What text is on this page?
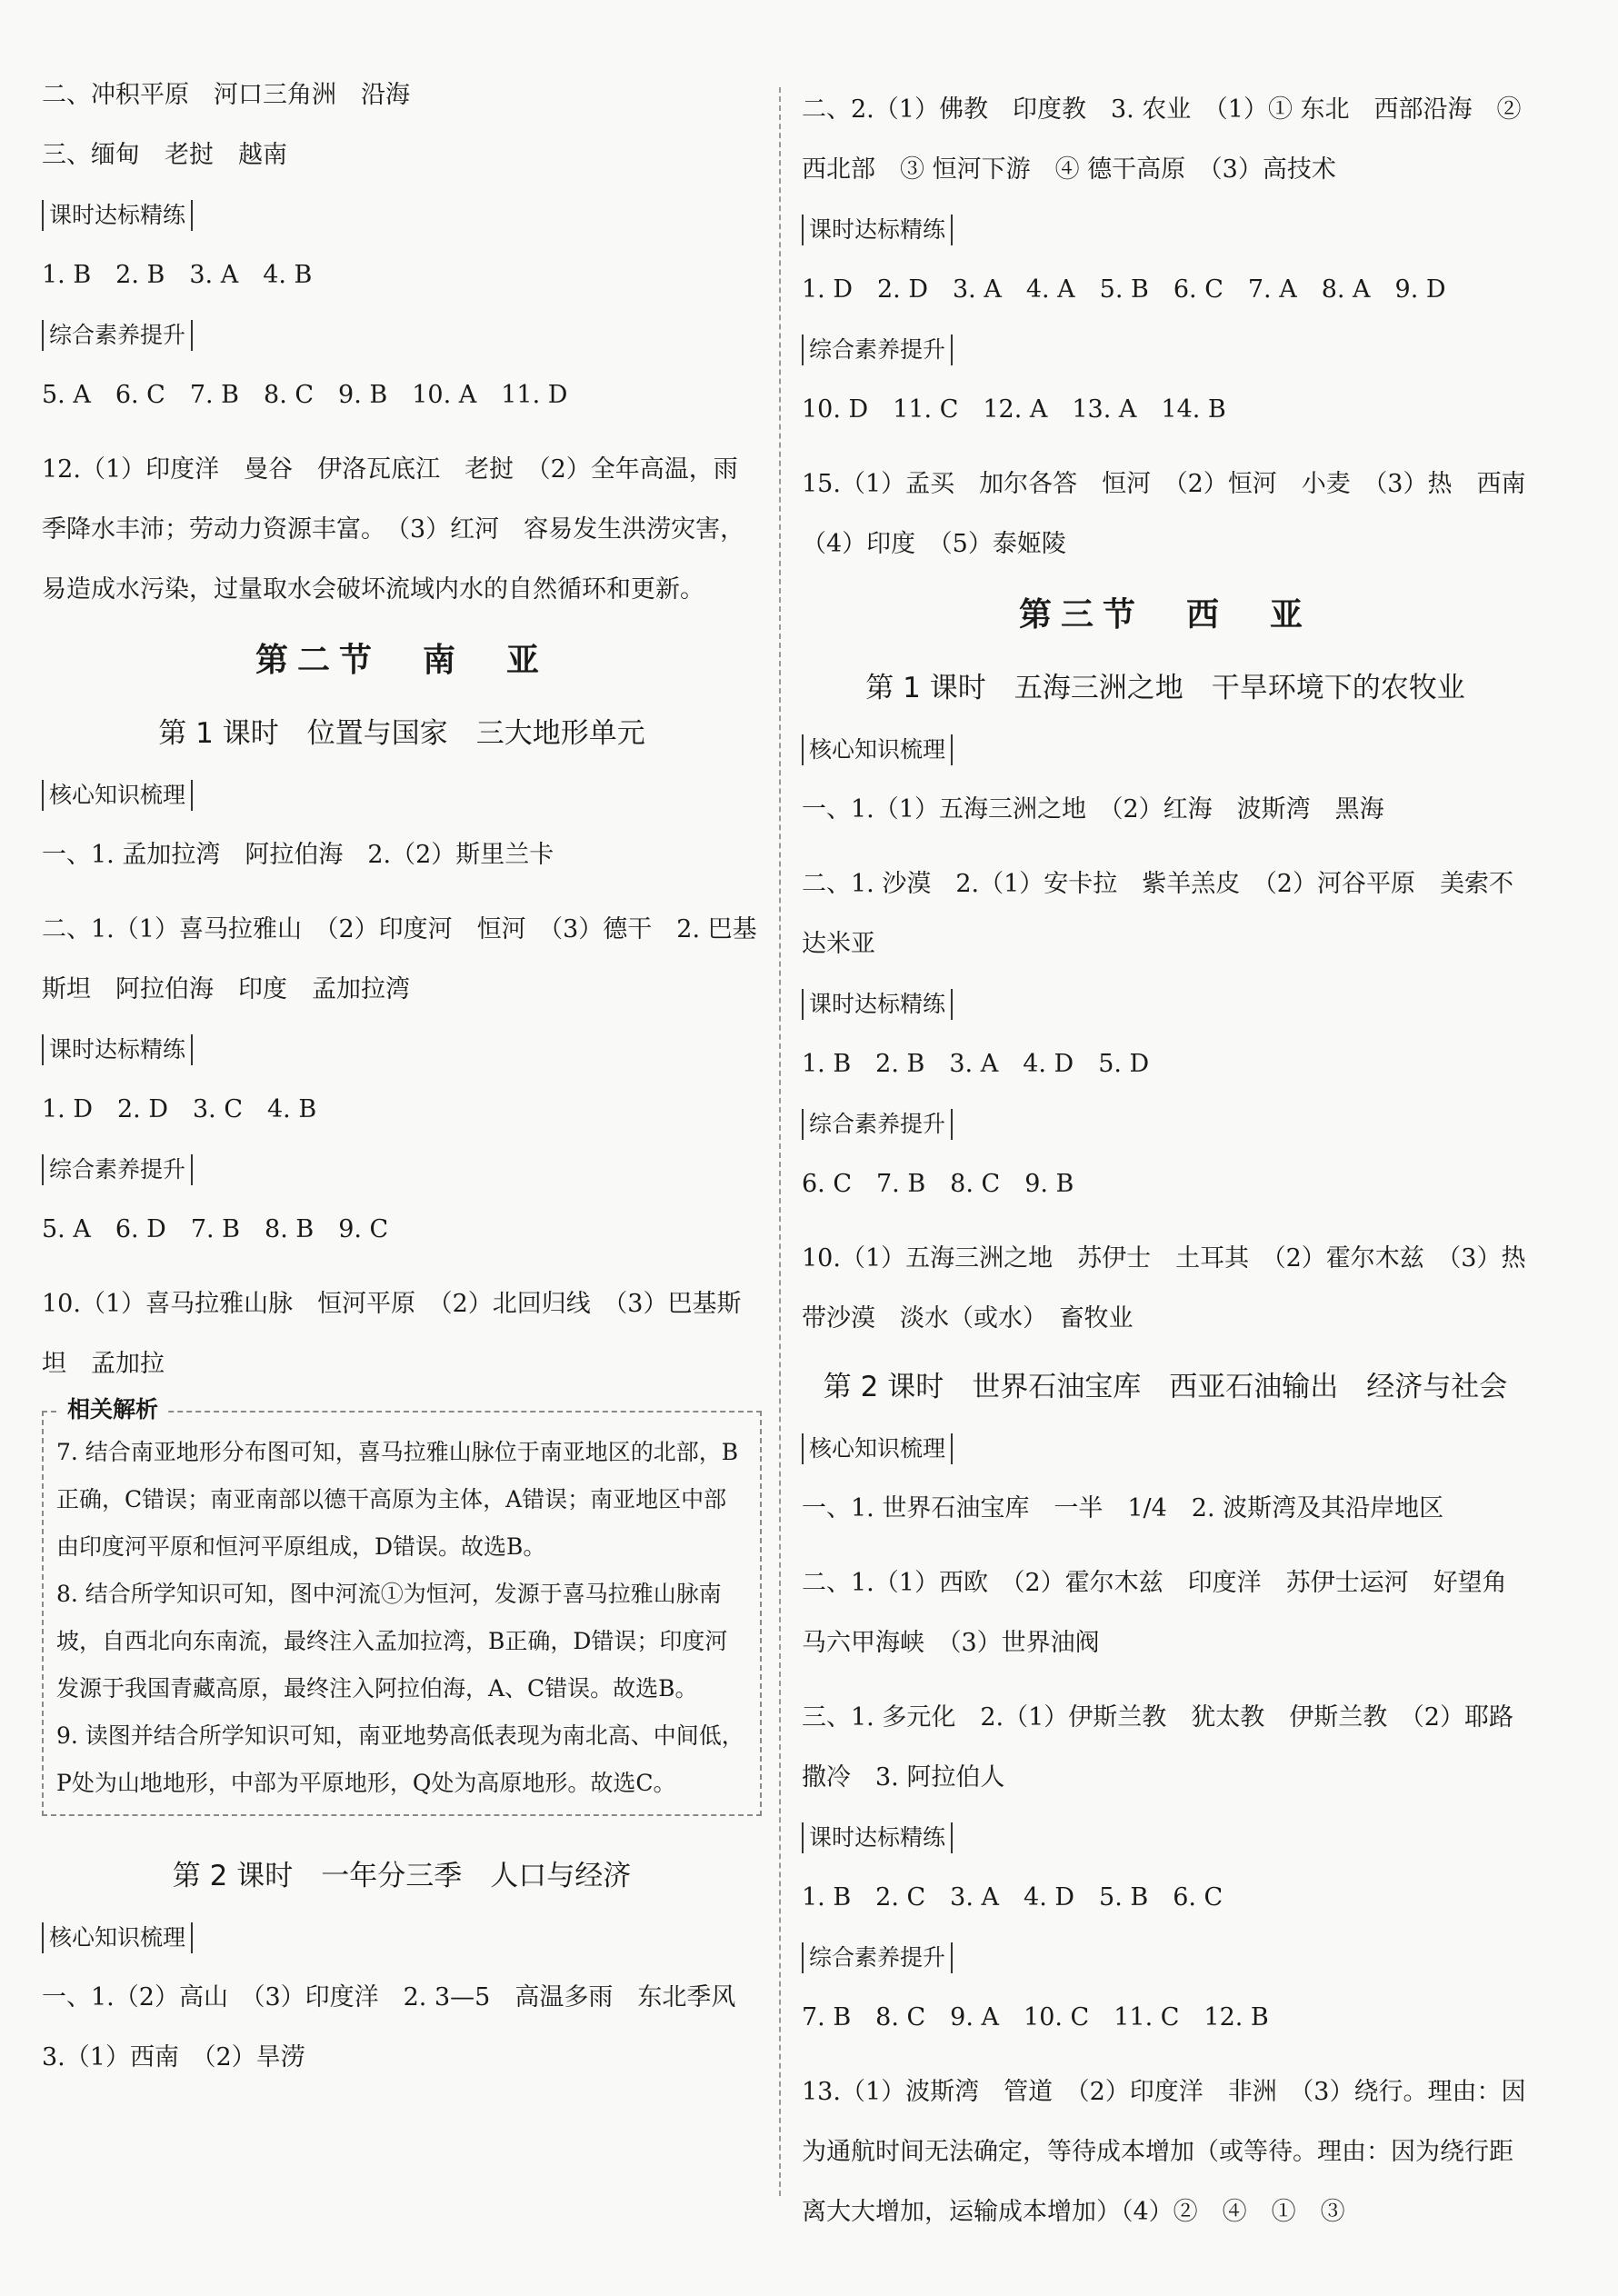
二、冲积平原　河口三角洲　沿海
三、缅甸　老挝　越南
课时达标精练
1. B　2. B　3. A　4. B
综合素养提升
5. A　6. C　7. B　8. C　9. B　10. A　11. D
12.（1）印度洋　曼谷　伊洛瓦底江　老挝　（2）全年高温，雨季降水丰沛；劳动力资源丰富。　（3）红河　容易发生洪涝灾害，易造成水污染，过量取水会破坏流域内水的自然循环和更新。
第二节　南　亚
第 1 课时　位置与国家　三大地形单元
核心知识梳理
一、1. 孟加拉湾　阿拉伯海　2.（2）斯里兰卡
二、1.（1）喜马拉雅山　（2）印度河　恒河　（3）德干　2. 巴基斯坦　阿拉伯海　印度　孟加拉湾
课时达标精练
1. D　2. D　3. C　4. B
综合素养提升
5. A　6. D　7. B　8. B　9. C
10.（1）喜马拉雅山脉　恒河平原　（2）北回归线　（3）巴基斯坦　孟加拉
相关解析

7. 结合南亚地形分布图可知，喜马拉雅山脉位于南亚地区的北部，B正确，C错误；南亚南部以德干高原为主体，A错误；南亚地区中部由印度河平原和恒河平原组成，D错误。故选B。

8. 结合所学知识可知，图中河流①为恒河，发源于喜马拉雅山脉南坡，自西北向东南流，最终注入孟加拉湾，B正确，D错误；印度河发源于我国青藏高原，最终注入阿拉伯海，A、C错误。故选B。

9. 读图并结合所学知识可知，南亚地势高低表现为南北高、中间低，P处为山地地形，中部为平原地形，Q处为高原地形。故选C。

第 2 课时　一年分三季　人口与经济
核心知识梳理
一、1.（2）高山　（3）印度洋　2. 3—5　高温多雨　东北季风
3.（1）西南　（2）旱涝
二、2.（1）佛教　印度教　3. 农业　（1）① 东北　西部沿海　② 西北部　③ 恒河下游　④ 德干高原　（3）高技术
课时达标精练
1. D　2. D　3. A　4. A　5. B　6. C　7. A　8. A　9. D
综合素养提升
10. D　11. C　12. A　13. A　14. B
15.（1）孟买　加尔各答　恒河　（2）恒河　小麦　（3）热　西南　（4）印度　（5）泰姬陵
第三节　西　亚
第 1 课时　五海三洲之地　干旱环境下的农牧业
核心知识梳理
一、1.（1）五海三洲之地　（2）红海　波斯湾　黑海
二、1. 沙漠　2.（1）安卡拉　紫羊羔皮　（2）河谷平原　美索不达米亚
课时达标精练
1. B　2. B　3. A　4. D　5. D
综合素养提升
6. C　7. B　8. C　9. B
10.（1）五海三洲之地　苏伊士　土耳其　（2）霍尔木兹　（3）热带沙漠　淡水（或水）　畜牧业
第 2 课时　世界石油宝库　西亚石油输出　经济与社会
核心知识梳理
一、1. 世界石油宝库　一半　1/4　2. 波斯湾及其沿岸地区
二、1.（1）西欧　（2）霍尔木兹　印度洋　苏伊士运河　好望角　马六甲海峡　（3）世界油阀
三、1. 多元化　2.（1）伊斯兰教　犹太教　伊斯兰教　（2）耶路撒冷　3. 阿拉伯人
课时达标精练
1. B　2. C　3. A　4. D　5. B　6. C
综合素养提升
7. B　8. C　9. A　10. C　11. C　12. B
13.（1）波斯湾　管道　（2）印度洋　非洲　（3）绕行。理由：因为通航时间无法确定，等待成本增加（或等待。理由：因为绕行距离大大增加，运输成本增加）（4）②　④　①　③
